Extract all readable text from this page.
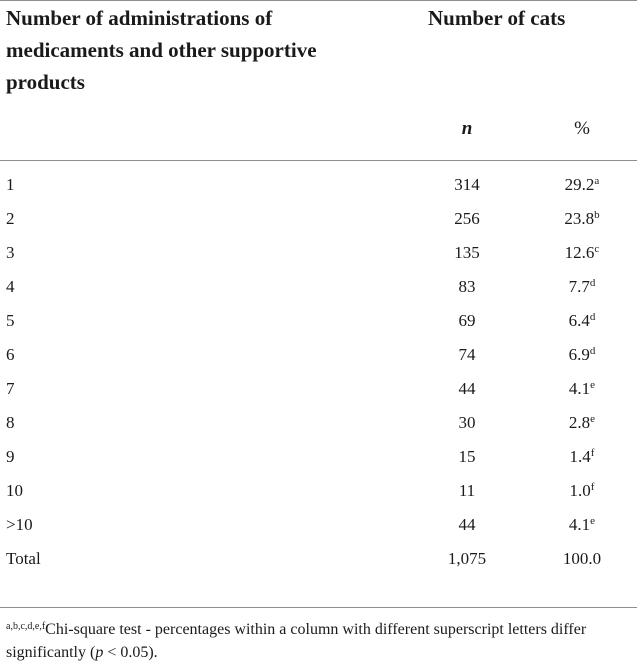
Number of administrations of medicaments and other supportive products
Number of cats
n	%
1	314	29.2$^a$
2	256	23.8$^b$
3	135	12.6$^c$
4	83	7.7$^d$
5	69	6.4$^d$
6	74	6.9$^d$
7	44	4.1e
8	30	2.8e
9	15	1.4$^f$
10	11	1.0$^f$
>10	44	4.1e
Total	1,075	100.0
$^{a,b,c,d,e,f}$Chi-square test - percentages within a column with different superscript letters differ significantly (p < 0.05).
